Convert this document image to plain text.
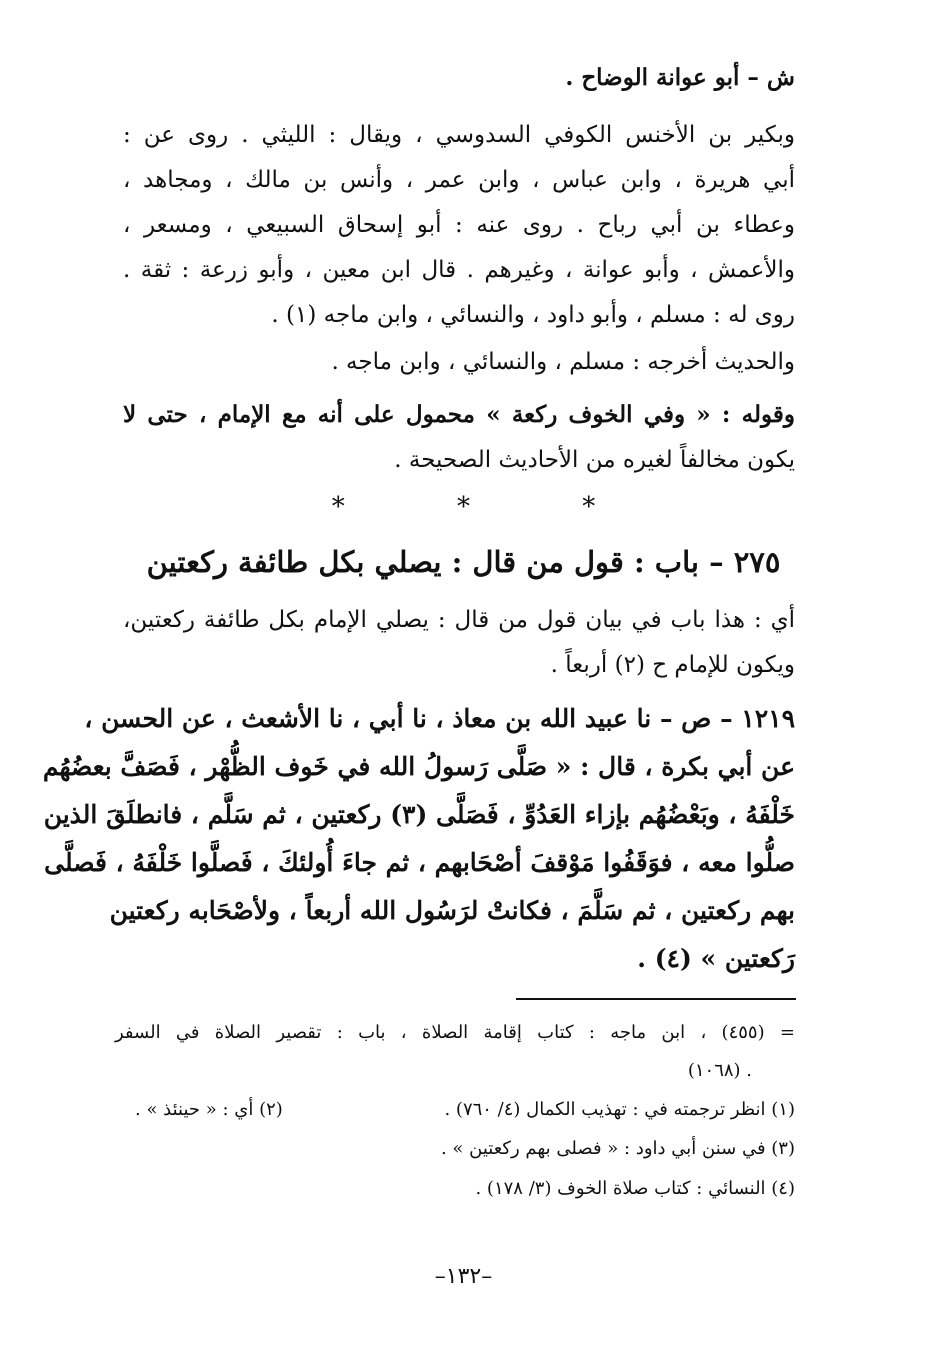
ش – أبو عوانة الوضاح .
وبكير بن الأخنس الكوفي السدوسي ، ويقال : الليثي . روى عن :
أبي هريرة ، وابن عباس ، وابن عمر ، وأنس بن مالك ، ومجاهد ،
وعطاء بن أبي رباح . روى عنه : أبو إسحاق السبيعي ، ومسعر ،
والأعمش ، وأبو عوانة ، وغيرهم . قال ابن معين ، وأبو زرعة : ثقة .
روى له : مسلم ، وأبو داود ، والنسائي ، وابن ماجه (١) .
والحديث أخرجه : مسلم ، والنسائي ، وابن ماجه .
وقوله : « وفي الخوف ركعة » محمول على أنه مع الإمام ، حتى لا
يكون مخالفاً لغيره من الأحاديث الصحيحة .
* * *
٢٧٥ – باب : قول من قال : يصلي بكل طائفة ركعتين
أي : هذا باب في بيان قول من قال : يصلي الإمام بكل طائفة ركعتين،
ويكون للإمام ح (٢) أربعاً .
١٢١٩ – ص – نا عبيد الله بن معاذ ، نا أبي ، نا الأشعث ، عن الحسن ،
عن أبي بكرة ، قال : « صَلَّى رَسولُ الله في خَوف الظُّهْر ، فَصَفَّ بعضُهُم
خَلْفَهُ ، وبَعْضُهُم بإزاء العَدُوِّ ، فَصَلَّى (٣) ركعتين ، ثم سَلَّم ، فانطلَقَ الذين
صلُّوا معه ، فوَقَفُوا مَوْقفَ أصْحَابهم ، ثم جاءَ أُولئكَ ، فَصلَّوا خَلْفَهُ ، فَصلَّى
بهم ركعتين ، ثم سَلَّمَ ، فكانتْ لرَسُول الله أربعاً ، ولأصْحَابه ركعتين
رَكعتين » (٤) .
= (٤٥٥) ، ابن ماجه : كتاب إقامة الصلاة ، باب : تقصير الصلاة في السفر
(١٠٦٨) .
(١) انظر ترجمته في : تهذيب الكمال (٤/ ٧٦٠) .
(٢) أي : « حينئذ » .
(٣) في سنن أبي داود : « فصلى بهم ركعتين » .
(٤) النسائي : كتاب صلاة الخوف (٣/ ١٧٨) .
–١٣٢–
